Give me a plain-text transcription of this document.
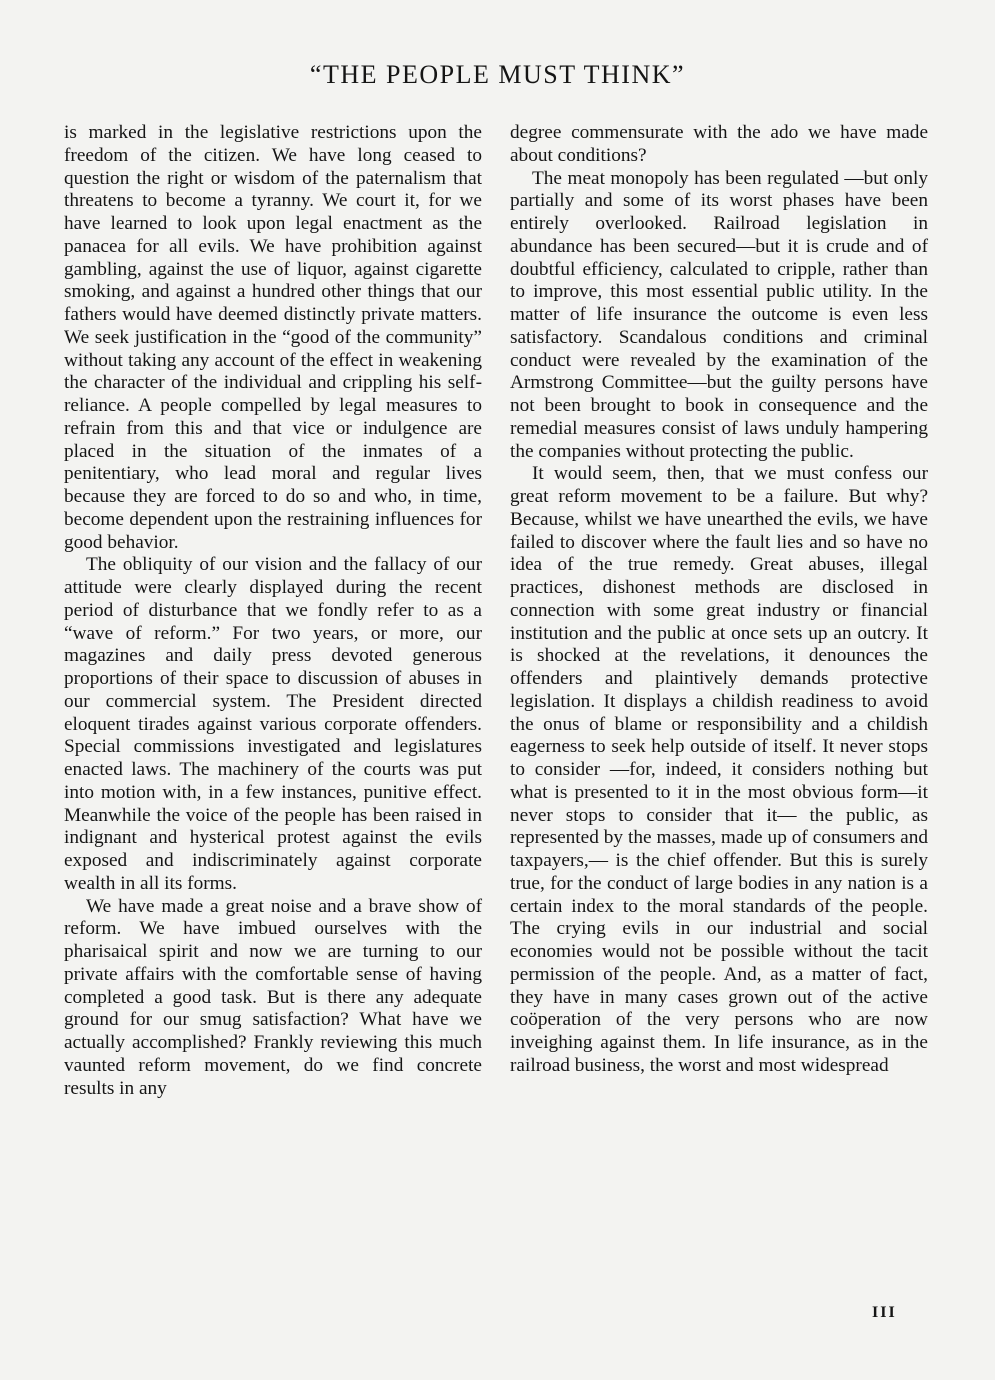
“THE PEOPLE MUST THINK”

is marked in the legislative restrictions upon the freedom of the citizen. We have long ceased to question the right or wisdom of the paternalism that threatens to become a tyranny. We court it, for we have learned to look upon legal enactment as the panacea for all evils. We have prohibition against gambling, against the use of liquor, against cigarette smoking, and against a hundred other things that our fathers would have deemed distinctly private matters. We seek justification in the “good of the community” without taking any account of the effect in weakening the character of the individual and crippling his self-reliance. A people compelled by legal measures to refrain from this and that vice or indulgence are placed in the situation of the inmates of a penitentiary, who lead moral and regular lives because they are forced to do so and who, in time, become dependent upon the restraining influences for good behavior.

The obliquity of our vision and the fallacy of our attitude were clearly displayed during the recent period of disturbance that we fondly refer to as a “wave of reform.” For two years, or more, our magazines and daily press devoted generous proportions of their space to discussion of abuses in our commercial system. The President directed eloquent tirades against various corporate offenders. Special commissions investigated and legislatures enacted laws. The machinery of the courts was put into motion with, in a few instances, punitive effect. Meanwhile the voice of the people has been raised in indignant and hysterical protest against the evils exposed and indiscriminately against corporate wealth in all its forms.

We have made a great noise and a brave show of reform. We have imbued ourselves with the pharisaical spirit and now we are turning to our private affairs with the comfortable sense of having completed a good task. But is there any adequate ground for our smug satisfaction? What have we actually accomplished? Frankly reviewing this much vaunted reform movement, do we find concrete results in any

degree commensurate with the ado we have made about conditions?

The meat monopoly has been regulated —but only partially and some of its worst phases have been entirely overlooked. Railroad legislation in abundance has been secured—but it is crude and of doubtful efficiency, calculated to cripple, rather than to improve, this most essential public utility. In the matter of life insurance the outcome is even less satisfactory. Scandalous conditions and criminal conduct were revealed by the examination of the Armstrong Committee—but the guilty persons have not been brought to book in consequence and the remedial measures consist of laws unduly hampering the companies without protecting the public.

It would seem, then, that we must confess our great reform movement to be a failure. But why? Because, whilst we have unearthed the evils, we have failed to discover where the fault lies and so have no idea of the true remedy. Great abuses, illegal practices, dishonest methods are disclosed in connection with some great industry or financial institution and the public at once sets up an outcry. It is shocked at the revelations, it denounces the offenders and plaintively demands protective legislation. It displays a childish readiness to avoid the onus of blame or responsibility and a childish eagerness to seek help outside of itself. It never stops to consider —for, indeed, it considers nothing but what is presented to it in the most obvious form—it never stops to consider that it— the public, as represented by the masses, made up of consumers and taxpayers,— is the chief offender. But this is surely true, for the conduct of large bodies in any nation is a certain index to the moral standards of the people. The crying evils in our industrial and social economies would not be possible without the tacit permission of the people. And, as a matter of fact, they have in many cases grown out of the active coöperation of the very persons who are now inveighing against them. In life insurance, as in the railroad business, the worst and most widespread

III
